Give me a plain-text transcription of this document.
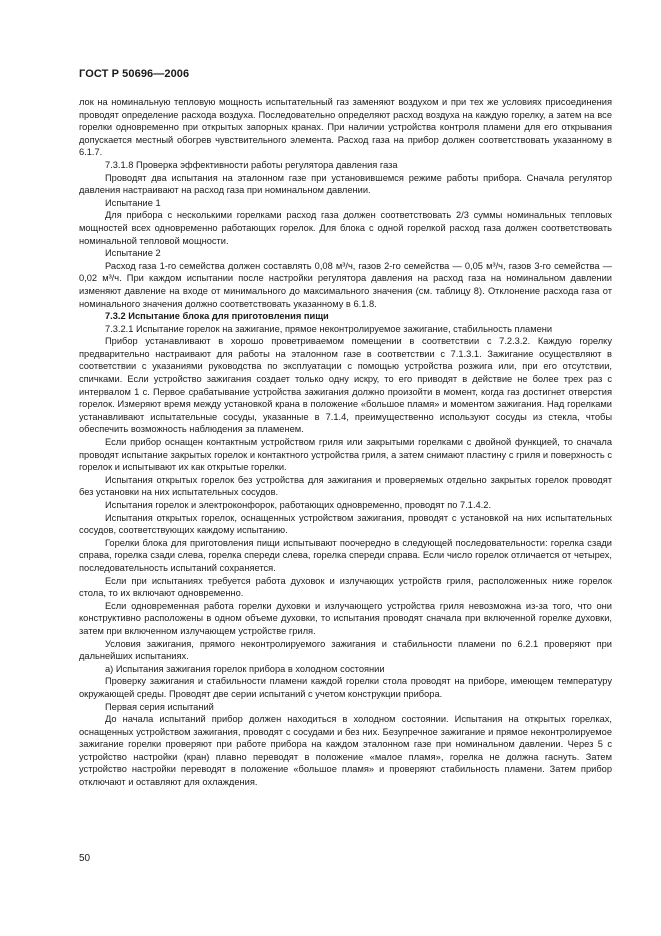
ГОСТ Р 50696—2006

лок на номинальную тепловую мощность испытательный газ заменяют воздухом и при тех же условиях присоединения проводят определение расхода воздуха. Последовательно определяют расход воздуха на каждую горелку, а затем на все горелки одновременно при открытых запорных кранах. При наличии устройства контроля пламени для его открывания допускается местный обогрев чувствительного элемента. Расход газа на прибор должен соответствовать указанному в 6.1.7.

7.3.1.8 Проверка эффективности работы регулятора давления газа

Проводят два испытания на эталонном газе при установившемся режиме работы прибора. Сначала регулятор давления настраивают на расход газа при номинальном давлении.

Испытание 1

Для прибора с несколькими горелками расход газа должен соответствовать 2/3 суммы номинальных тепловых мощностей всех одновременно работающих горелок. Для блока с одной горелкой расход газа должен соответствовать номинальной тепловой мощности.

Испытание 2

Расход газа 1-го семейства должен составлять 0,08 м³/ч, газов 2-го семейства — 0,05 м³/ч, газов 3-го семейства — 0,02 м³/ч. При каждом испытании после настройки регулятора давления на расход газа на номинальном давлении изменяют давление на входе от минимального до максимального значения (см. таблицу 8). Отклонение расхода газа от номинального значения должно соответствовать указанному в 6.1.8.

7.3.2 Испытание блока для приготовления пищи

7.3.2.1 Испытание горелок на зажигание, прямое неконтролируемое зажигание, стабильность пламени

Прибор устанавливают в хорошо проветриваемом помещении в соответствии с 7.2.3.2. Каждую горелку предварительно настраивают для работы на эталонном газе в соответствии с 7.1.3.1. Зажигание осуществляют в соответствии с указаниями руководства по эксплуатации с помощью устройства розжига или, при его отсутствии, спичками. Если устройство зажигания создает только одну искру, то его приводят в действие не более трех раз с интервалом 1 с. Первое срабатывание устройства зажигания должно произойти в момент, когда газ достигнет отверстия горелок. Измеряют время между установкой крана в положение «большое пламя» и моментом зажигания. Над горелками устанавливают испытательные сосуды, указанные в 7.1.4, преимущественно используют сосуды из стекла, чтобы обеспечить возможность наблюдения за пламенем.

Если прибор оснащен контактным устройством гриля или закрытыми горелками с двойной функцией, то сначала проводят испытание закрытых горелок и контактного устройства гриля, а затем снимают пластину с гриля и поверхность с горелок и испытывают их как открытые горелки.

Испытания открытых горелок без устройства для зажигания и проверяемых отдельно закрытых горелок проводят без установки на них испытательных сосудов.

Испытания горелок и электроконфорок, работающих одновременно, проводят по 7.1.4.2.

Испытания открытых горелок, оснащенных устройством зажигания, проводят с установкой на них испытательных сосудов, соответствующих каждому испытанию.

Горелки блока для приготовления пищи испытывают поочередно в следующей последовательности: горелка сзади справа, горелка сзади слева, горелка спереди слева, горелка спереди справа. Если число горелок отличается от четырех, последовательность испытаний сохраняется.

Если при испытаниях требуется работа духовок и излучающих устройств гриля, расположенных ниже горелок стола, то их включают одновременно.

Если одновременная работа горелки духовки и излучающего устройства гриля невозможна из-за того, что они конструктивно расположены в одном объеме духовки, то испытания проводят сначала при включенной горелке духовки, затем при включенном излучающем устройстве гриля.

Условия зажигания, прямого неконтролируемого зажигания и стабильности пламени по 6.2.1 проверяют при дальнейших испытаниях.

а) Испытания зажигания горелок прибора в холодном состоянии

Проверку зажигания и стабильности пламени каждой горелки стола проводят на приборе, имеющем температуру окружающей среды. Проводят две серии испытаний с учетом конструкции прибора.

Первая серия испытаний

До начала испытаний прибор должен находиться в холодном состоянии. Испытания на открытых горелках, оснащенных устройством зажигания, проводят с сосудами и без них. Безупречное зажигание и прямое неконтролируемое зажигание горелки проверяют при работе прибора на каждом эталонном газе при номинальном давлении. Через 5 с устройство настройки (кран) плавно переводят в положение «малое пламя», горелка не должна гаснуть. Затем устройство настройки переводят в положение «большое пламя» и проверяют стабильность пламени. Затем прибор отключают и оставляют для охлаждения.

50
